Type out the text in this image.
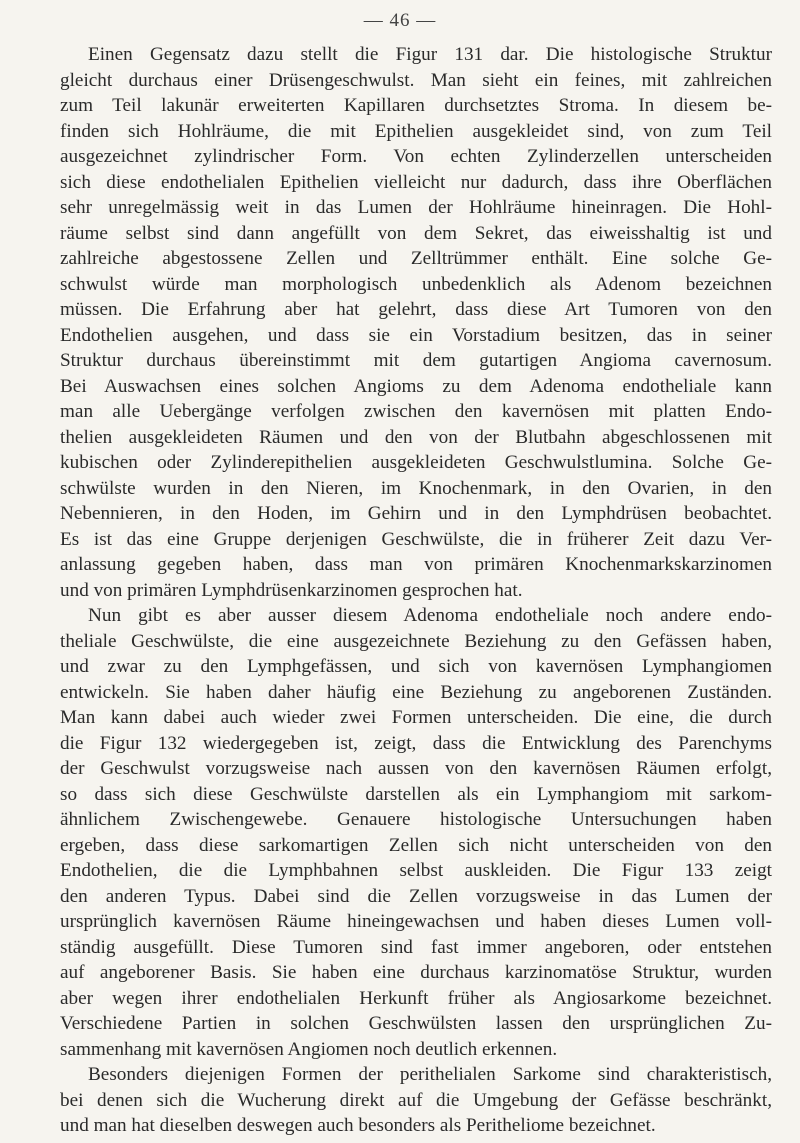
— 46 —
Einen Gegensatz dazu stellt die Figur 131 dar. Die histologische Struktur
gleicht durchaus einer Drüsengeschwulst. Man sieht ein feines, mit zahlreichen
zum Teil lakunär erweiterten Kapillaren durchsetztes Stroma. In diesem be-
finden sich Hohlräume, die mit Epithelien ausgekleidet sind, von zum Teil
ausgezeichnet zylindrischer Form. Von echten Zylinderzellen unterscheiden
sich diese endothelialen Epithelien vielleicht nur dadurch, dass ihre Oberflächen
sehr unregelmässig weit in das Lumen der Hohlräume hineinragen. Die Hohl-
räume selbst sind dann angefüllt von dem Sekret, das eiweisshaltig ist und
zahlreiche abgestossene Zellen und Zelltrümmer enthält. Eine solche Ge-
schwulst würde man morphologisch unbedenklich als Adenom bezeichnen
müssen. Die Erfahrung aber hat gelehrt, dass diese Art Tumoren von den
Endothelien ausgehen, und dass sie ein Vorstadium besitzen, das in seiner
Struktur durchaus übereinstimmt mit dem gutartigen Angioma cavernosum.
Bei Auswachsen eines solchen Angioms zu dem Adenoma endotheliale kann
man alle Uebergänge verfolgen zwischen den kavernösen mit platten Endo-
thelien ausgekleideten Räumen und den von der Blutbahn abgeschlossenen mit
kubischen oder Zylinderepithelien ausgekleideten Geschwulstlumina. Solche Ge-
schwülste wurden in den Nieren, im Knochenmark, in den Ovarien, in den
Nebennieren, in den Hoden, im Gehirn und in den Lymphdrüsen beobachtet.
Es ist das eine Gruppe derjenigen Geschwülste, die in früherer Zeit dazu Ver-
anlassung gegeben haben, dass man von primären Knochenmarkskarzinomen
und von primären Lymphdrüsenkarzinomen gesprochen hat.
Nun gibt es aber ausser diesem Adenoma endotheliale noch andere endo-
theliale Geschwülste, die eine ausgezeichnete Beziehung zu den Gefässen haben,
und zwar zu den Lymphgefässen, und sich von kavernösen Lymphangiomen
entwickeln. Sie haben daher häufig eine Beziehung zu angeborenen Zuständen.
Man kann dabei auch wieder zwei Formen unterscheiden. Die eine, die durch
die Figur 132 wiedergegeben ist, zeigt, dass die Entwicklung des Parenchyms
der Geschwulst vorzugsweise nach aussen von den kavernösen Räumen erfolgt,
so dass sich diese Geschwülste darstellen als ein Lymphangiom mit sarkom-
ähnlichem Zwischengewebe. Genauere histologische Untersuchungen haben
ergeben, dass diese sarkomartigen Zellen sich nicht unterscheiden von den
Endothelien, die die Lymphbahnen selbst auskleiden. Die Figur 133 zeigt
den anderen Typus. Dabei sind die Zellen vorzugsweise in das Lumen der
ursprünglich kavernösen Räume hineingewachsen und haben dieses Lumen voll-
ständig ausgefüllt. Diese Tumoren sind fast immer angeboren, oder entstehen
auf angeborener Basis. Sie haben eine durchaus karzinomatöse Struktur, wurden
aber wegen ihrer endothelialen Herkunft früher als Angiosarkome bezeichnet.
Verschiedene Partien in solchen Geschwülsten lassen den ursprünglichen Zu-
sammenhang mit kavernösen Angiomen noch deutlich erkennen.
Besonders diejenigen Formen der perithelialen Sarkome sind charakteristisch,
bei denen sich die Wucherung direkt auf die Umgebung der Gefässe beschränkt,
und man hat dieselben deswegen auch besonders als Peritheliome bezeichnet.
